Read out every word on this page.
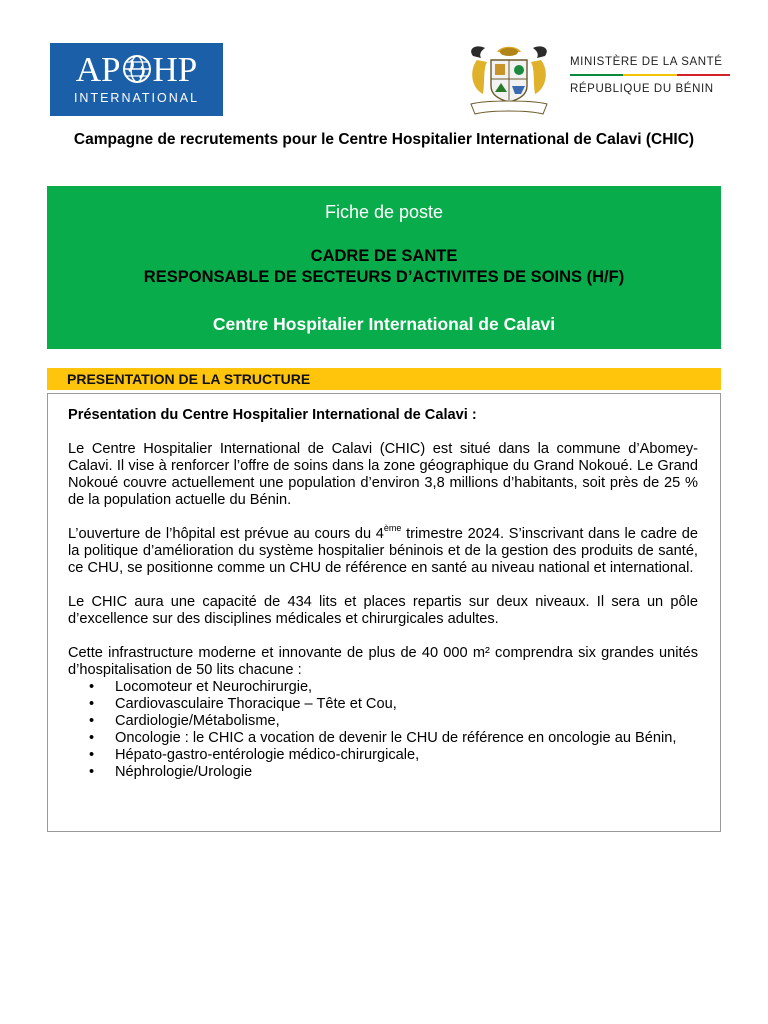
AP HP
INTERNATIONAL
MINISTÈRE DE LA SANTÉ
RÉPUBLIQUE DU BÉNIN
Campagne de recrutements pour le Centre Hospitalier International de Calavi (CHIC)
Fiche de poste
CADRE DE SANTE
RESPONSABLE DE SECTEURS D’ACTIVITES DE SOINS (H/F)
Centre Hospitalier International de Calavi
PRESENTATION DE LA STRUCTURE

Présentation du Centre Hospitalier International de Calavi :

Le Centre Hospitalier International de Calavi (CHIC) est situé dans la commune d’Abomey-Calavi. Il vise à renforcer l’offre de soins dans la zone géographique du Grand Nokoué. Le Grand Nokoué couvre actuellement une population d’environ 3,8 millions d’habitants, soit près de 25 % de la population actuelle du Bénin.

L’ouverture de l’hôpital est prévue au cours du 4ème trimestre 2024. S’inscrivant dans le cadre de la politique d’amélioration du système hospitalier béninois et de la gestion des produits de santé, ce CHU, se positionne comme un CHU de référence en santé au niveau national et international.

Le CHIC aura une capacité de 434 lits et places repartis sur deux niveaux. Il sera un pôle d’excellence sur des disciplines médicales et chirurgicales adultes.

Cette infrastructure moderne et innovante de plus de 40 000 m² comprendra six grandes unités d’hospitalisation de 50 lits chacune :

• Locomoteur et Neurochirurgie,
• Cardiovasculaire Thoracique – Tête et Cou,
• Cardiologie/Métabolisme,
• Oncologie : le CHIC a vocation de devenir le CHU de référence en oncologie au Bénin,
• Hépato-gastro-entérologie médico-chirurgicale,
• Néphrologie/Urologie
